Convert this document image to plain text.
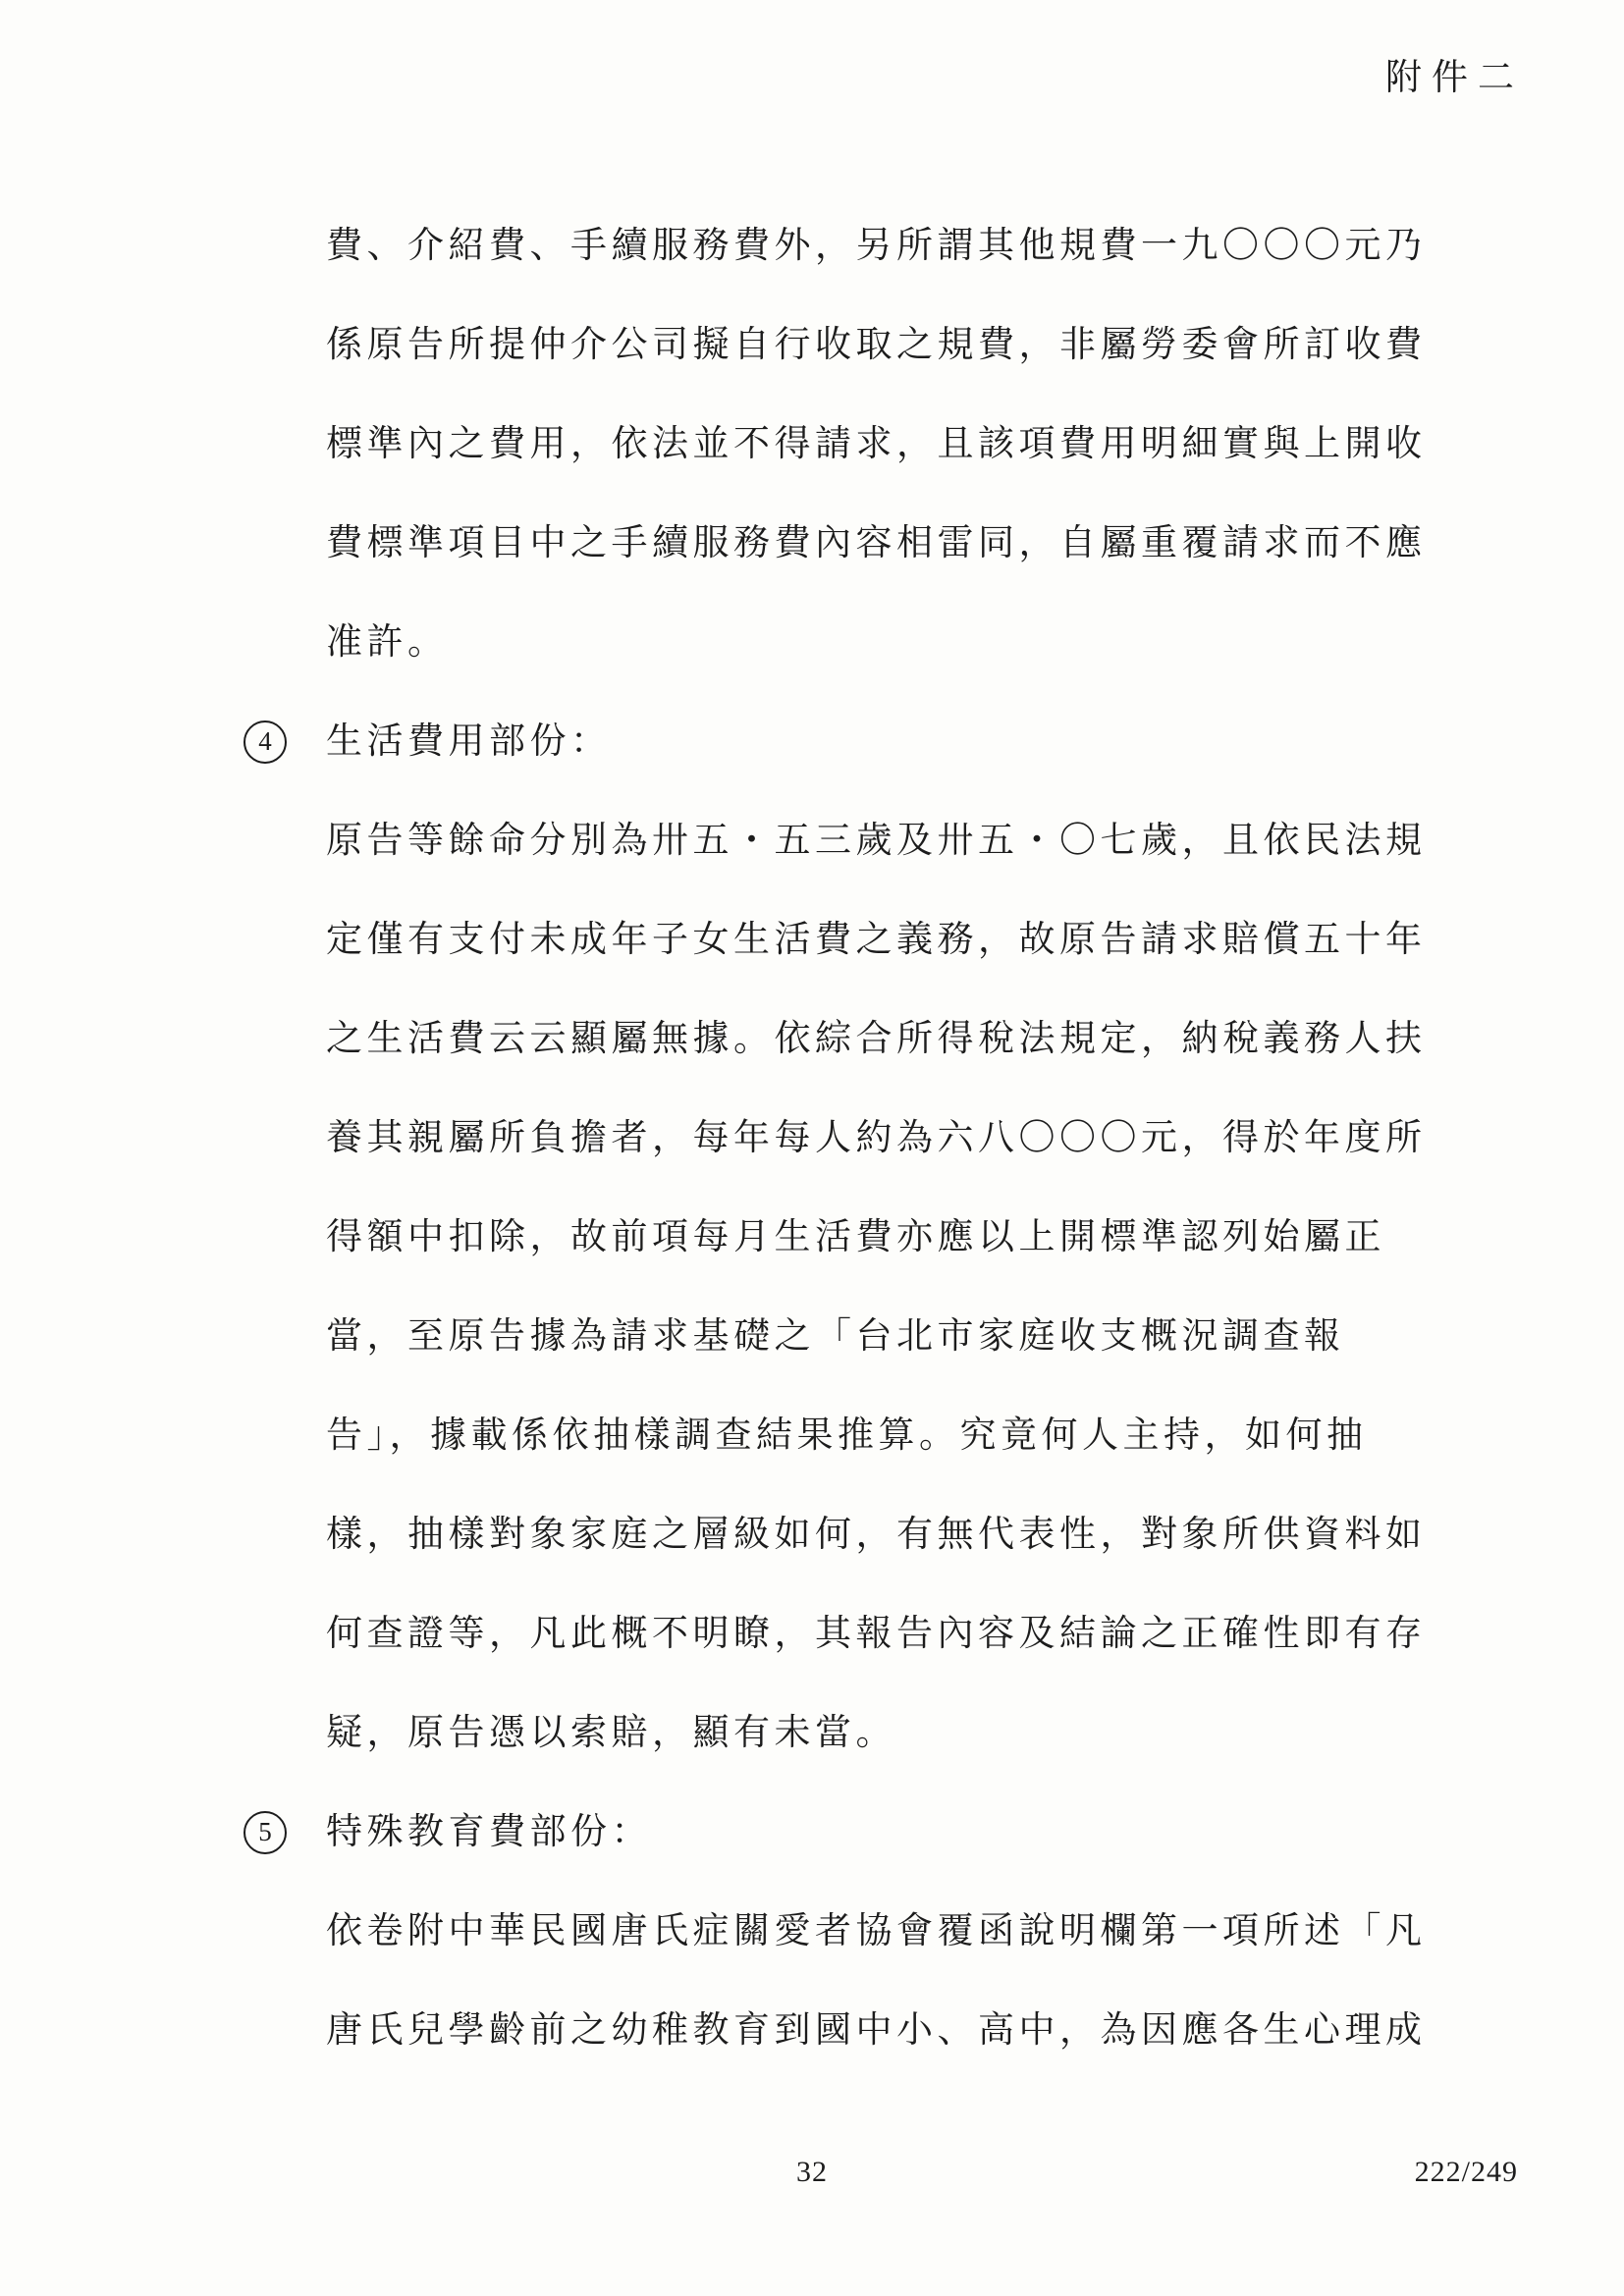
附件二
費、介紹費、手續服務費外，另所謂其他規費一九〇〇〇元乃
係原告所提仲介公司擬自行收取之規費，非屬勞委會所訂收費
標準內之費用，依法並不得請求，且該項費用明細實與上開收
費標準項目中之手續服務費內容相雷同，自屬重覆請求而不應
准許。
4	生活費用部份：
原告等餘命分別為卅五・五三歲及卅五・〇七歲，且依民法規
定僅有支付未成年子女生活費之義務，故原告請求賠償五十年
之生活費云云顯屬無據。依綜合所得稅法規定，納稅義務人扶
養其親屬所負擔者，每年每人約為六八〇〇〇元，得於年度所
得額中扣除，故前項每月生活費亦應以上開標準認列始屬正
當，至原告據為請求基礎之「台北市家庭收支概況調查報
告」，據載係依抽樣調查結果推算。究竟何人主持，如何抽
樣，抽樣對象家庭之層級如何，有無代表性，對象所供資料如
何查證等，凡此概不明瞭，其報告內容及結論之正確性即有存
疑，原告憑以索賠，顯有未當。
5	特殊教育費部份：
依卷附中華民國唐氏症關愛者協會覆函說明欄第一項所述「凡
唐氏兒學齡前之幼稚教育到國中小、高中，為因應各生心理成
32	222/249
